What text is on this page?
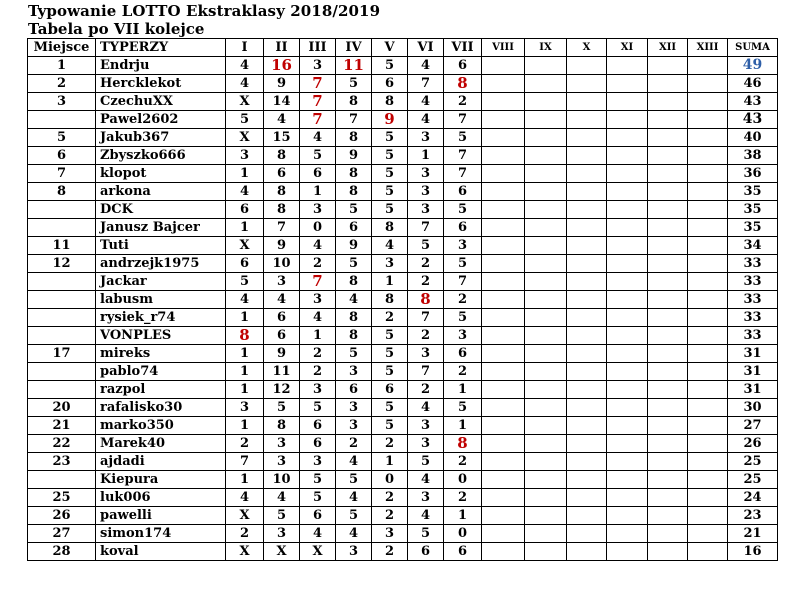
Typowanie LOTTO Ekstraklasy 2018/2019
Tabela po VII kolejce
Miejsce	TYPERZY	I	II	III	IV	V	VI	VII	VIII	IX	X	XI	XII	XIII	SUMA
1	Endrju	4	16	3	11	5	4	6							49
2	Hercklekot	4	9	7	5	6	7	8							46
3	CzechuXX	X	14	7	8	8	4	2							43
	Pawel2602	5	4	7	7	9	4	7							43
5	Jakub367	X	15	4	8	5	3	5							40
6	Zbyszko666	3	8	5	9	5	1	7							38
7	klopot	1	6	6	8	5	3	7							36
8	arkona	4	8	1	8	5	3	6							35
	DCK	6	8	3	5	5	3	5							35
	Janusz Bajcer	1	7	0	6	8	7	6							35
11	Tuti	X	9	4	9	4	5	3							34
12	andrzejk1975	6	10	2	5	3	2	5							33
	Jackar	5	3	7	8	1	2	7							33
	labusm	4	4	3	4	8	8	2							33
	rysiek_r74	1	6	4	8	2	7	5							33
	VONPLES	8	6	1	8	5	2	3							33
17	mireks	1	9	2	5	5	3	6							31
	pablo74	1	11	2	3	5	7	2							31
	razpol	1	12	3	6	6	2	1							31
20	rafalisko30	3	5	5	3	5	4	5							30
21	marko350	1	8	6	3	5	3	1							27
22	Marek40	2	3	6	2	2	3	8							26
23	ajdadi	7	3	3	4	1	5	2							25
	Kiepura	1	10	5	5	0	4	0							25
25	luk006	4	4	5	4	2	3	2							24
26	pawelli	X	5	6	5	2	4	1							23
27	simon174	2	3	4	4	3	5	0							21
28	koval	X	X	X	3	2	6	6							16
